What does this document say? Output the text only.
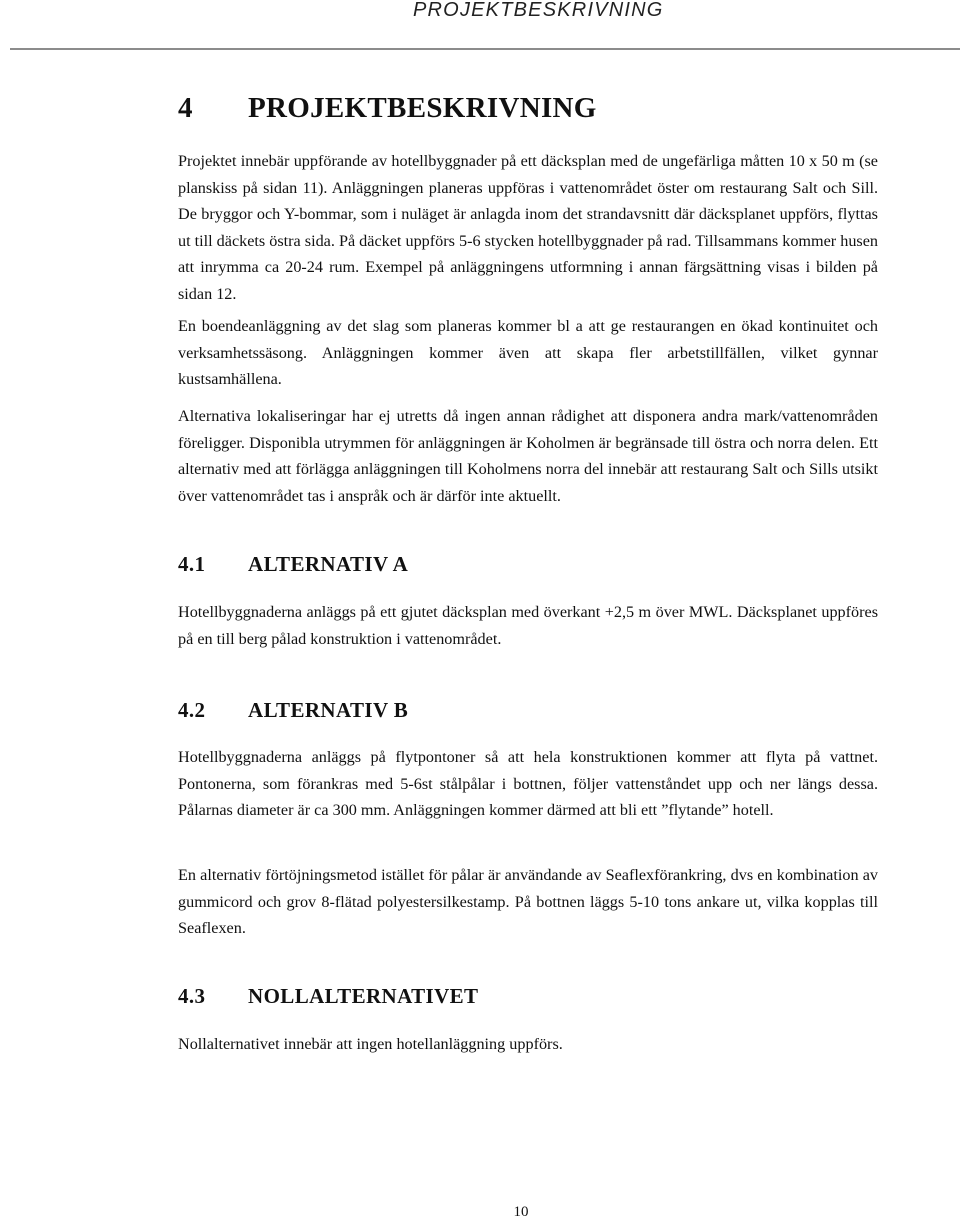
PROJEKTBESKRIVNING
4 PROJEKTBESKRIVNING

Projektet innebär uppförande av hotellbyggnader på ett däcksplan med de ungefärliga måtten 10 x 50 m (se planskiss på sidan 11). Anläggningen planeras uppföras i vattenområdet öster om restaurang Salt och Sill. De bryggor och Y-bommar, som i nuläget är anlagda inom det strandavsnitt där däcksplanet uppförs, flyttas ut till däckets östra sida. På däcket uppförs 5-6 stycken hotellbyggnader på rad. Tillsammans kommer husen att inrymma ca 20-24 rum. Exempel på anläggningens utformning i annan färgsättning visas i bilden på sidan 12.

En boendeanläggning av det slag som planeras kommer bl a att ge restaurangen en ökad kontinuitet och verksamhetssäsong. Anläggningen kommer även att skapa fler arbetstillfällen, vilket gynnar kustsamhällena.

Alternativa lokaliseringar har ej utretts då ingen annan rådighet att disponera andra mark/vattenområden föreligger. Disponibla utrymmen för anläggningen är Koholmen är begränsade till östra och norra delen. Ett alternativ med att förlägga anläggningen till Koholmens norra del innebär att restaurang Salt och Sills utsikt över vattenområdet tas i anspråk och är därför inte aktuellt.

4.1 ALTERNATIV A

Hotellbyggnaderna anläggs på ett gjutet däcksplan med överkant +2,5 m över MWL. Däcksplanet uppföres på en till berg pålad konstruktion i vattenområdet.

4.2 ALTERNATIV B

Hotellbyggnaderna anläggs på flytpontoner så att hela konstruktionen kommer att flyta på vattnet. Pontonerna, som förankras med 5-6st stålpålar i bottnen, följer vattenståndet upp och ner längs dessa. Pålarnas diameter är ca 300 mm. Anläggningen kommer därmed att bli ett ”flytande” hotell.

En alternativ förtöjningsmetod istället för pålar är användande av Seaflexförankring, dvs en kombination av gummicord och grov 8-flätad polyestersilkestamp. På bottnen läggs 5-10 tons ankare ut, vilka kopplas till Seaflexen.

4.3 NOLLALTERNATIVET

Nollalternativet innebär att ingen hotellanläggning uppförs.

10
